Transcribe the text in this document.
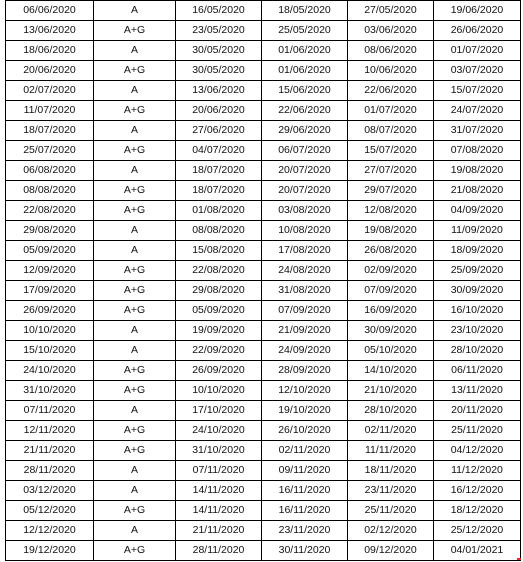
06/06/2020	A	16/05/2020	18/05/2020	27/05/2020	19/06/2020
13/06/2020	A+G	23/05/2020	25/05/2020	03/06/2020	26/06/2020
18/06/2020	A	30/05/2020	01/06/2020	08/06/2020	01/07/2020
20/06/2020	A+G	30/05/2020	01/06/2020	10/06/2020	03/07/2020
02/07/2020	A	13/06/2020	15/06/2020	22/06/2020	15/07/2020
11/07/2020	A+G	20/06/2020	22/06/2020	01/07/2020	24/07/2020
18/07/2020	A	27/06/2020	29/06/2020	08/07/2020	31/07/2020
25/07/2020	A+G	04/07/2020	06/07/2020	15/07/2020	07/08/2020
06/08/2020	A	18/07/2020	20/07/2020	27/07/2020	19/08/2020
08/08/2020	A+G	18/07/2020	20/07/2020	29/07/2020	21/08/2020
22/08/2020	A+G	01/08/2020	03/08/2020	12/08/2020	04/09/2020
29/08/2020	A	08/08/2020	10/08/2020	19/08/2020	11/09/2020
05/09/2020	A	15/08/2020	17/08/2020	26/08/2020	18/09/2020
12/09/2020	A+G	22/08/2020	24/08/2020	02/09/2020	25/09/2020
17/09/2020	A+G	29/08/2020	31/08/2020	07/09/2020	30/09/2020
26/09/2020	A+G	05/09/2020	07/09/2020	16/09/2020	16/10/2020
10/10/2020	A	19/09/2020	21/09/2020	30/09/2020	23/10/2020
15/10/2020	A	22/09/2020	24/09/2020	05/10/2020	28/10/2020
24/10/2020	A+G	26/09/2020	28/09/2020	14/10/2020	06/11/2020
31/10/2020	A+G	10/10/2020	12/10/2020	21/10/2020	13/11/2020
07/11/2020	A	17/10/2020	19/10/2020	28/10/2020	20/11/2020
12/11/2020	A+G	24/10/2020	26/10/2020	02/11/2020	25/11/2020
21/11/2020	A+G	31/10/2020	02/11/2020	11/11/2020	04/12/2020
28/11/2020	A	07/11/2020	09/11/2020	18/11/2020	11/12/2020
03/12/2020	A	14/11/2020	16/11/2020	23/11/2020	16/12/2020
05/12/2020	A+G	14/11/2020	16/11/2020	25/11/2020	18/12/2020
12/12/2020	A	21/11/2020	23/11/2020	02/12/2020	25/12/2020
19/12/2020	A+G	28/11/2020	30/11/2020	09/12/2020	04/01/2021
